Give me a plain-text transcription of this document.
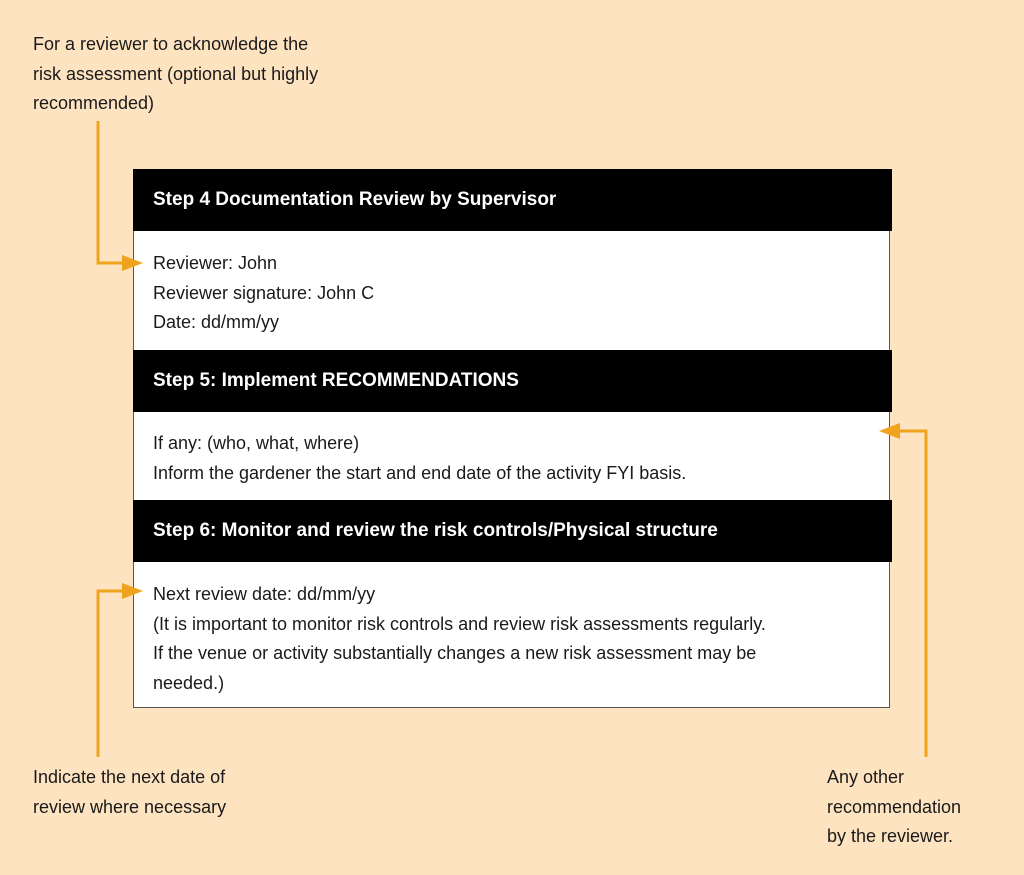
For a reviewer to acknowledge the
risk assessment (optional but highly
recommended)
Step 4 Documentation Review by Supervisor
Reviewer: John
Reviewer signature: John C
Date: dd/mm/yy
Step 5: Implement RECOMMENDATIONS
If any: (who, what, where)
Inform the gardener the start and end date of the activity FYI basis.
Step 6: Monitor and review the risk controls/Physical structure
Next review date: dd/mm/yy
(It is important to monitor risk controls and review risk assessments regularly.
If the venue or activity substantially changes a new risk assessment may be
needed.)
Indicate the next date of
review where necessary
Any other
recommendation
by the reviewer.
